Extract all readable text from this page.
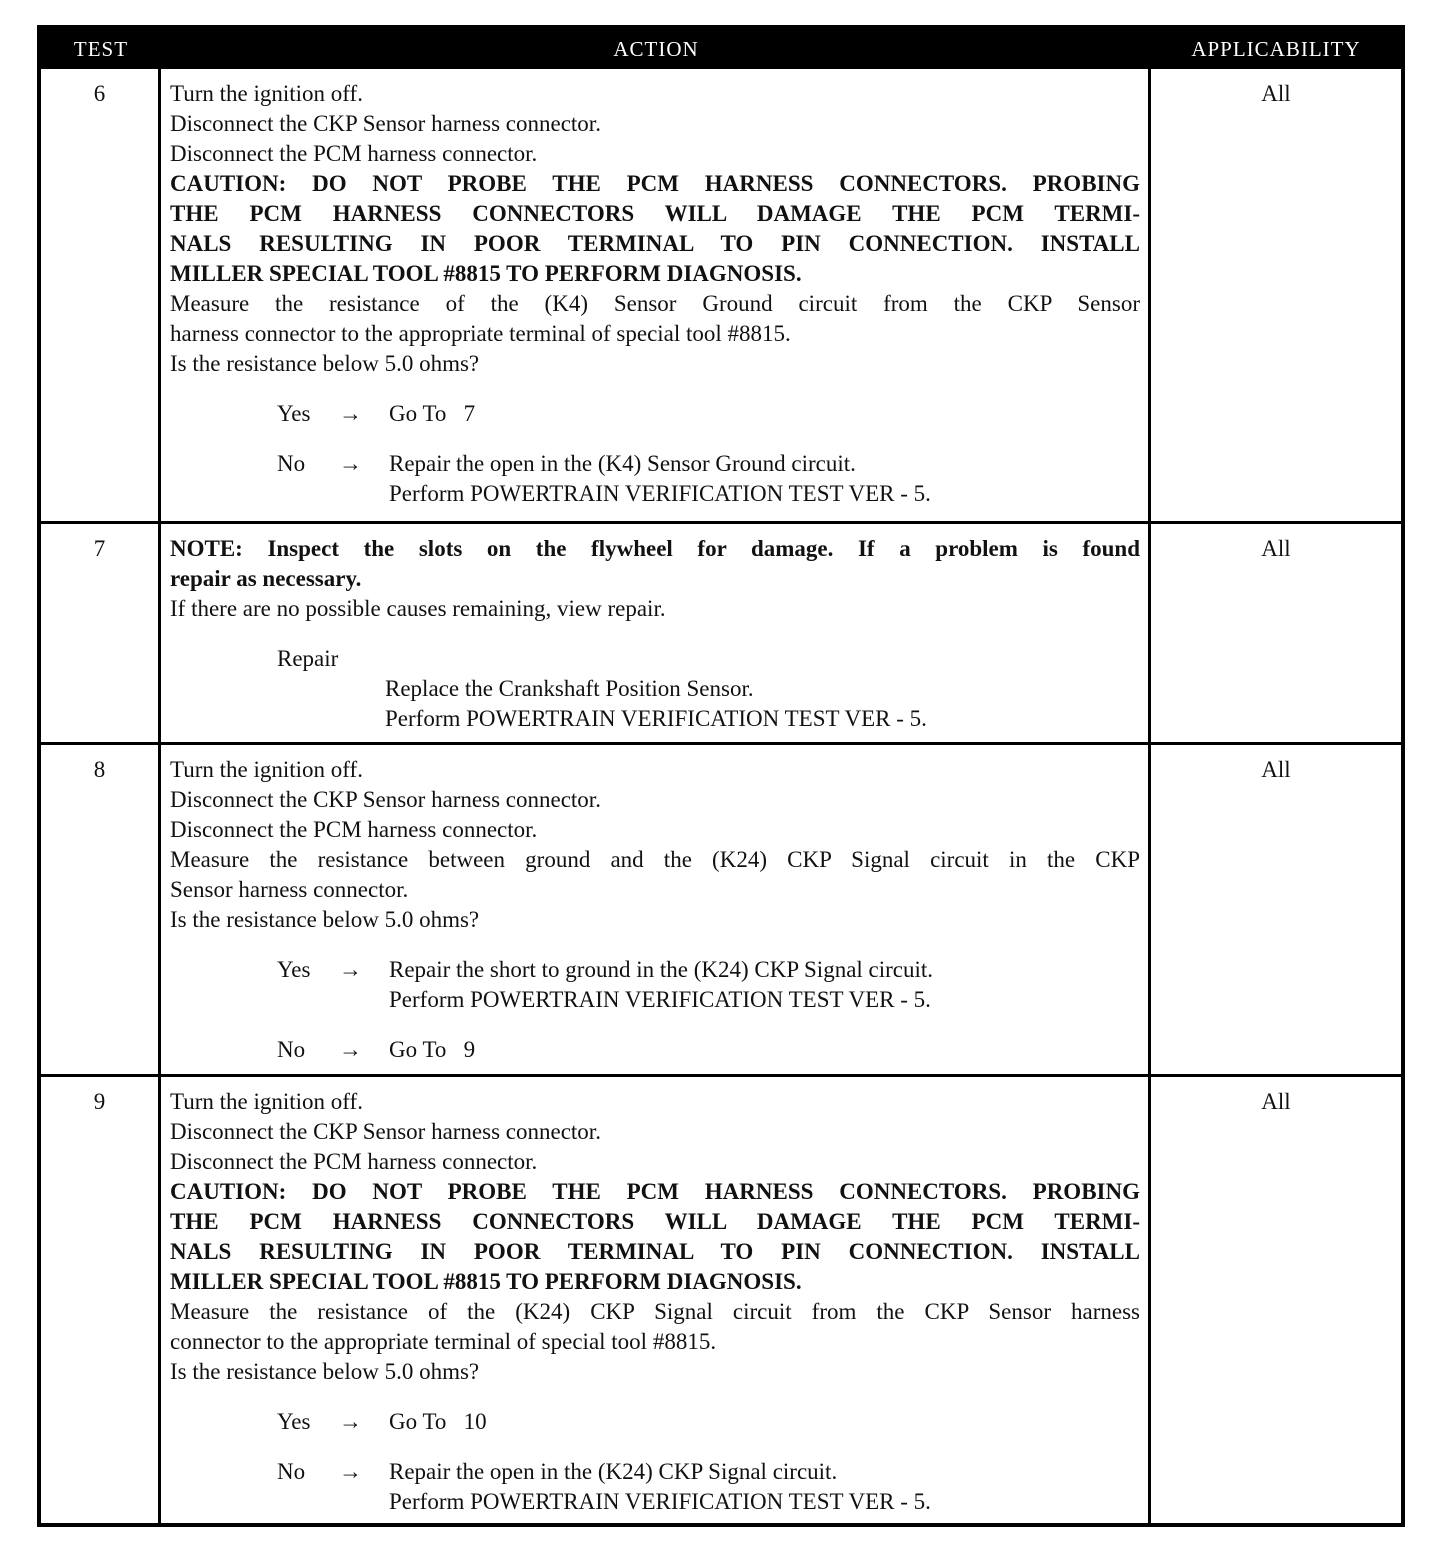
TEST	ACTION	APPLICABILITY
6	Turn the ignition off.
Disconnect the CKP Sensor harness connector.
Disconnect the PCM harness connector.
CAUTION: DO NOT PROBE THE PCM HARNESS CONNECTORS. PROBING
THE PCM HARNESS CONNECTORS WILL DAMAGE THE PCM TERMI-
NALS RESULTING IN POOR TERMINAL TO PIN CONNECTION. INSTALL
MILLER SPECIAL TOOL #8815 TO PERFORM DIAGNOSIS.
Measure the resistance of the (K4) Sensor Ground circuit from the CKP Sensor
harness connector to the appropriate terminal of special tool #8815.
Is the resistance below 5.0 ohms?
Yes	→	Go To   7
No	→	Repair the open in the (K4) Sensor Ground circuit.
Perform POWERTRAIN VERIFICATION TEST VER - 5.
All
7	NOTE: Inspect the slots on the flywheel for damage. If a problem is found
repair as necessary.
If there are no possible causes remaining, view repair.
Repair
Replace the Crankshaft Position Sensor.
Perform POWERTRAIN VERIFICATION TEST VER - 5.
All
8	Turn the ignition off.
Disconnect the CKP Sensor harness connector.
Disconnect the PCM harness connector.
Measure the resistance between ground and the (K24) CKP Signal circuit in the CKP
Sensor harness connector.
Is the resistance below 5.0 ohms?
Yes	→	Repair the short to ground in the (K24) CKP Signal circuit.
Perform POWERTRAIN VERIFICATION TEST VER - 5.
No	→	Go To   9
All
9	Turn the ignition off.
Disconnect the CKP Sensor harness connector.
Disconnect the PCM harness connector.
CAUTION: DO NOT PROBE THE PCM HARNESS CONNECTORS. PROBING
THE PCM HARNESS CONNECTORS WILL DAMAGE THE PCM TERMI-
NALS RESULTING IN POOR TERMINAL TO PIN CONNECTION. INSTALL
MILLER SPECIAL TOOL #8815 TO PERFORM DIAGNOSIS.
Measure the resistance of the (K24) CKP Signal circuit from the CKP Sensor harness
connector to the appropriate terminal of special tool #8815.
Is the resistance below 5.0 ohms?
Yes	→	Go To   10
No	→	Repair the open in the (K24) CKP Signal circuit.
Perform POWERTRAIN VERIFICATION TEST VER - 5.
All
